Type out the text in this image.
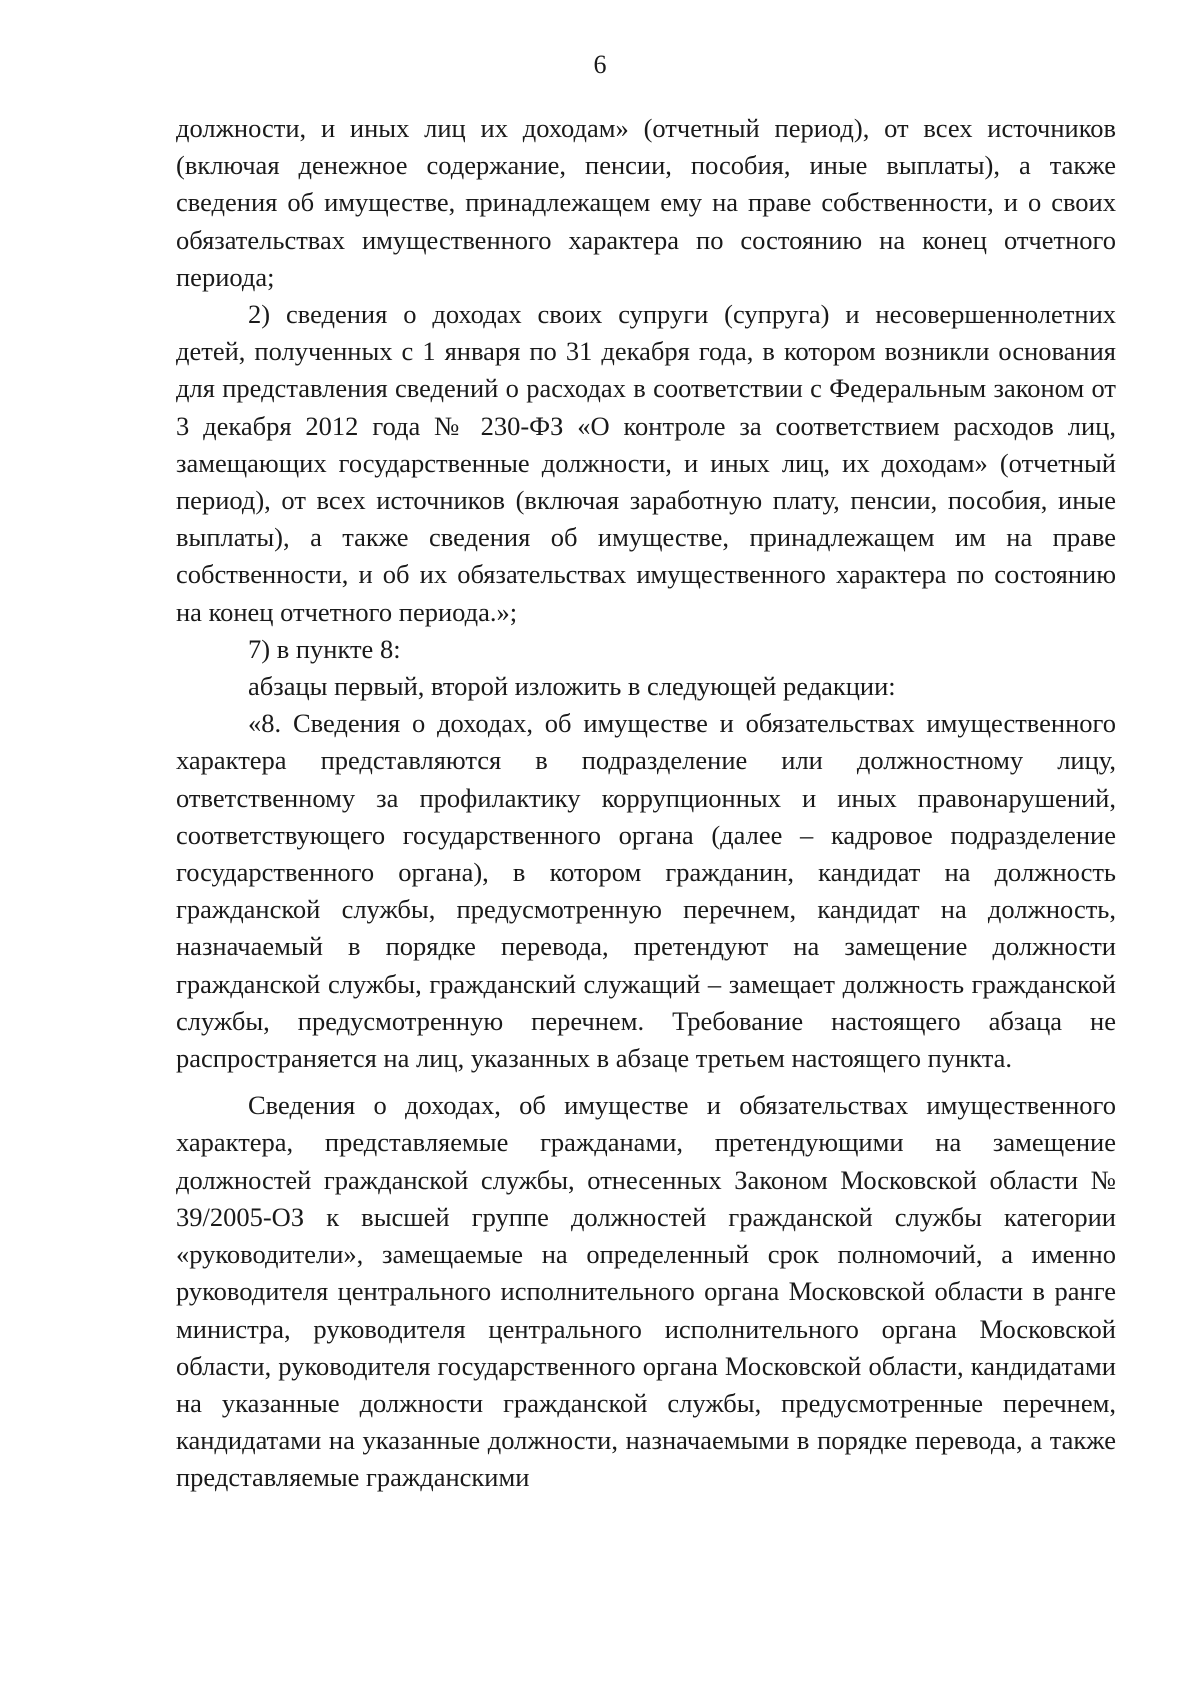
6

должности, и иных лиц их доходам» (отчетный период), от всех источников (включая денежное содержание, пенсии, пособия, иные выплаты), а также сведения об имуществе, принадлежащем ему на праве собственности, и о своих обязательствах имущественного характера по состоянию на конец отчетного периода;

2) сведения о доходах своих супруги (супруга) и несовершеннолетних детей, полученных с 1 января по 31 декабря года, в котором возникли основания для представления сведений о расходах в соответствии с Федеральным законом от 3 декабря 2012 года № 230-ФЗ «О контроле за соответствием расходов лиц, замещающих государственные должности, и иных лиц, их доходам» (отчетный период), от всех источников (включая заработную плату, пенсии, пособия, иные выплаты), а также сведения об имуществе, принадлежащем им на праве собственности, и об их обязательствах имущественного характера по состоянию на конец отчетного периода.»;

7) в пункте 8:

абзацы первый, второй изложить в следующей редакции:

«8. Сведения о доходах, об имуществе и обязательствах имущественного характера представляются в подразделение или должностному лицу, ответственному за профилактику коррупционных и иных правонарушений, соответствующего государственного органа (далее – кадровое подразделение государственного органа), в котором гражданин, кандидат на должность гражданской службы, предусмотренную перечнем, кандидат на должность, назначаемый в порядке перевода, претендуют на замещение должности гражданской службы, гражданский служащий – замещает должность гражданской службы, предусмотренную перечнем. Требование настоящего абзаца не распространяется на лиц, указанных в абзаце третьем настоящего пункта.

Сведения о доходах, об имуществе и обязательствах имущественного характера, представляемые гражданами, претендующими на замещение должностей гражданской службы, отнесенных Законом Московской области № 39/2005-ОЗ к высшей группе должностей гражданской службы категории «руководители», замещаемые на определенный срок полномочий, а именно руководителя центрального исполнительного органа Московской области в ранге министра, руководителя центрального исполнительного органа Московской области, руководителя государственного органа Московской области, кандидатами на указанные должности гражданской службы, предусмотренные перечнем, кандидатами на указанные должности, назначаемыми в порядке перевода, а также представляемые гражданскими
